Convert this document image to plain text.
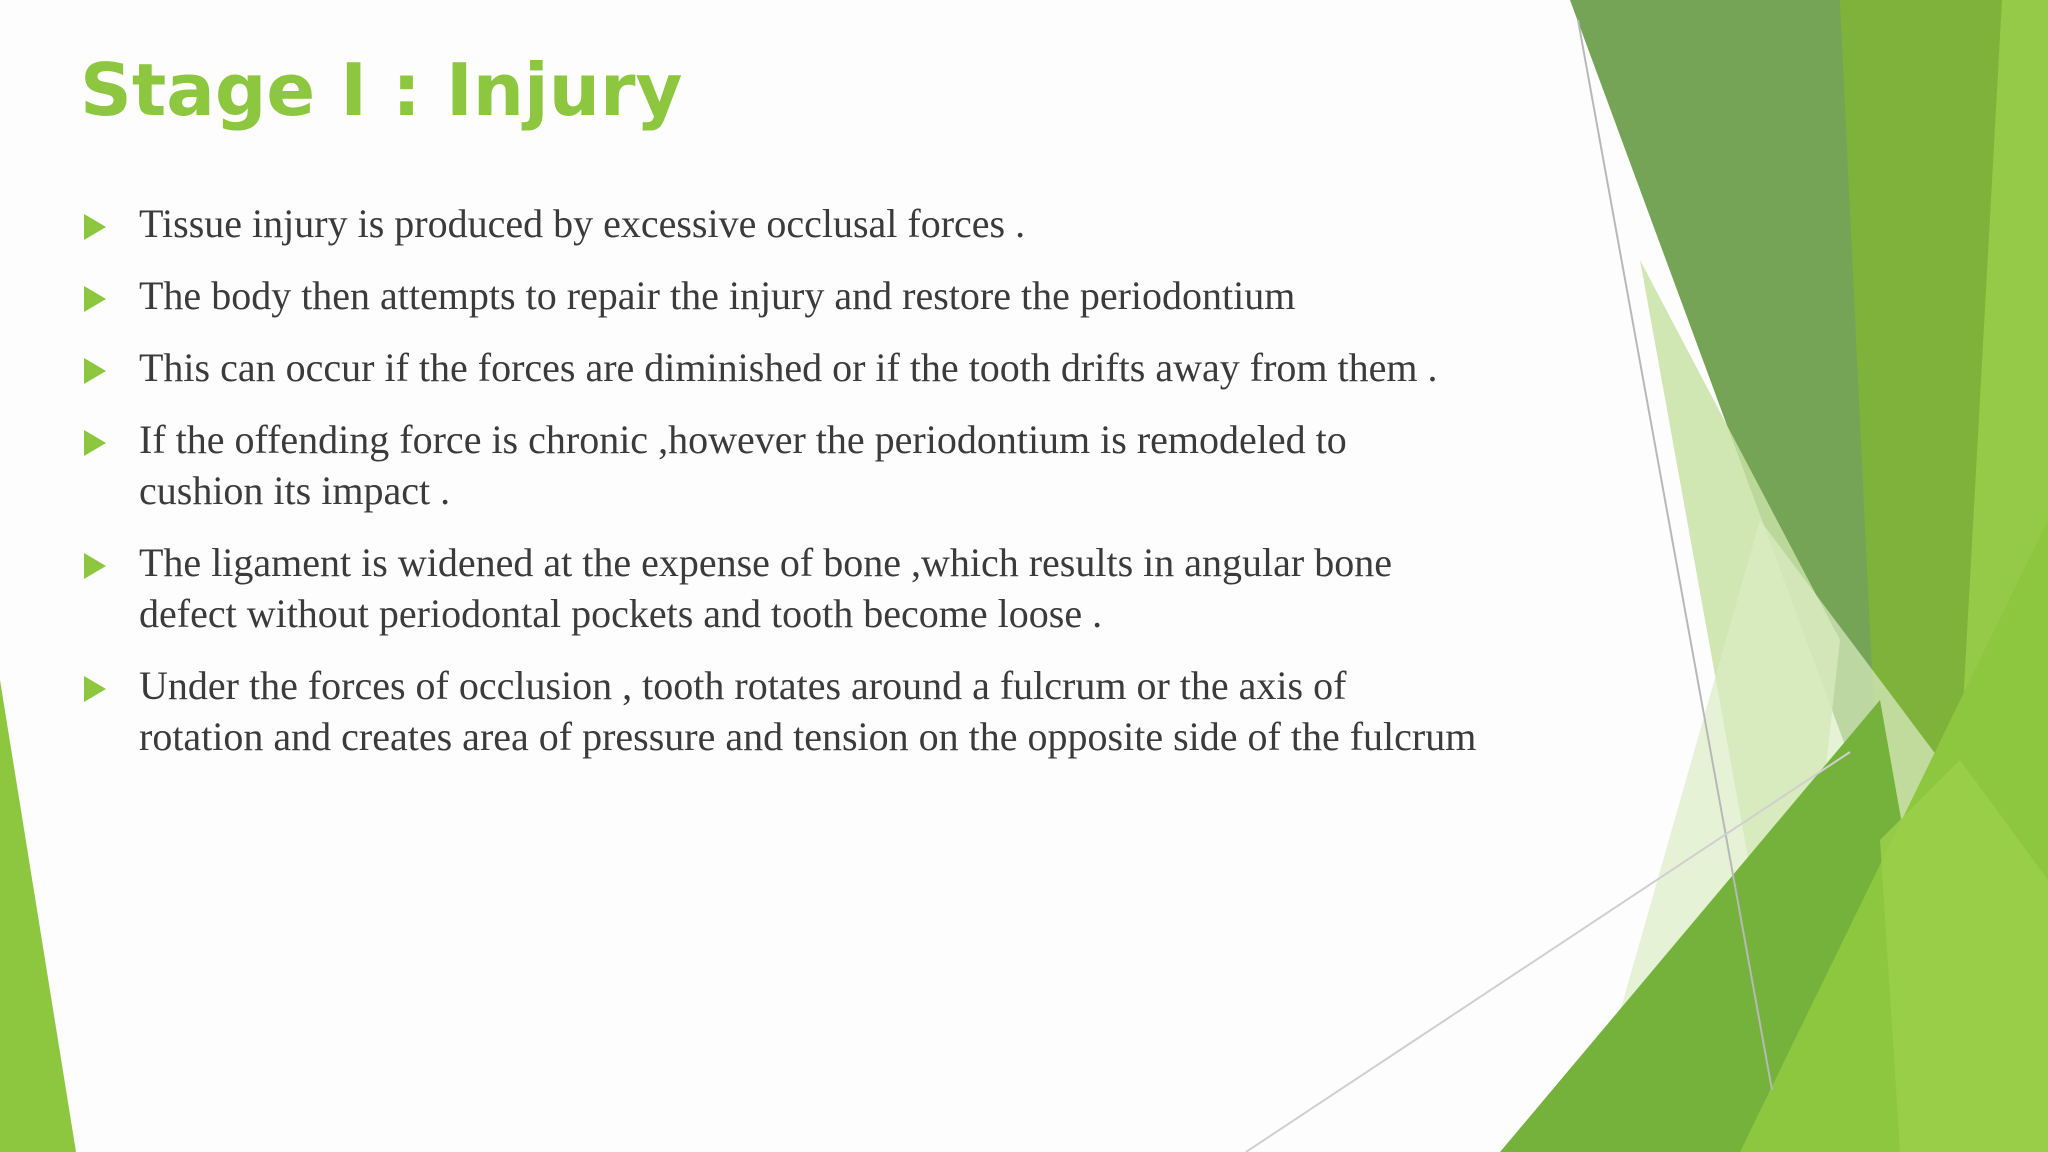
Stage I : Injury
Tissue injury is produced by excessive occlusal forces .
The body then attempts to repair the injury and restore the periodontium
This can occur if the forces are diminished or if the tooth drifts away from them .
If the offending force is chronic ,however the periodontium is remodeled to cushion its impact .
The ligament is widened at the expense of bone ,which results in angular bone defect without periodontal pockets and tooth become loose .
Under the forces of occlusion , tooth rotates around a fulcrum or the axis of rotation and creates area of pressure and tension on the opposite side of the fulcrum
